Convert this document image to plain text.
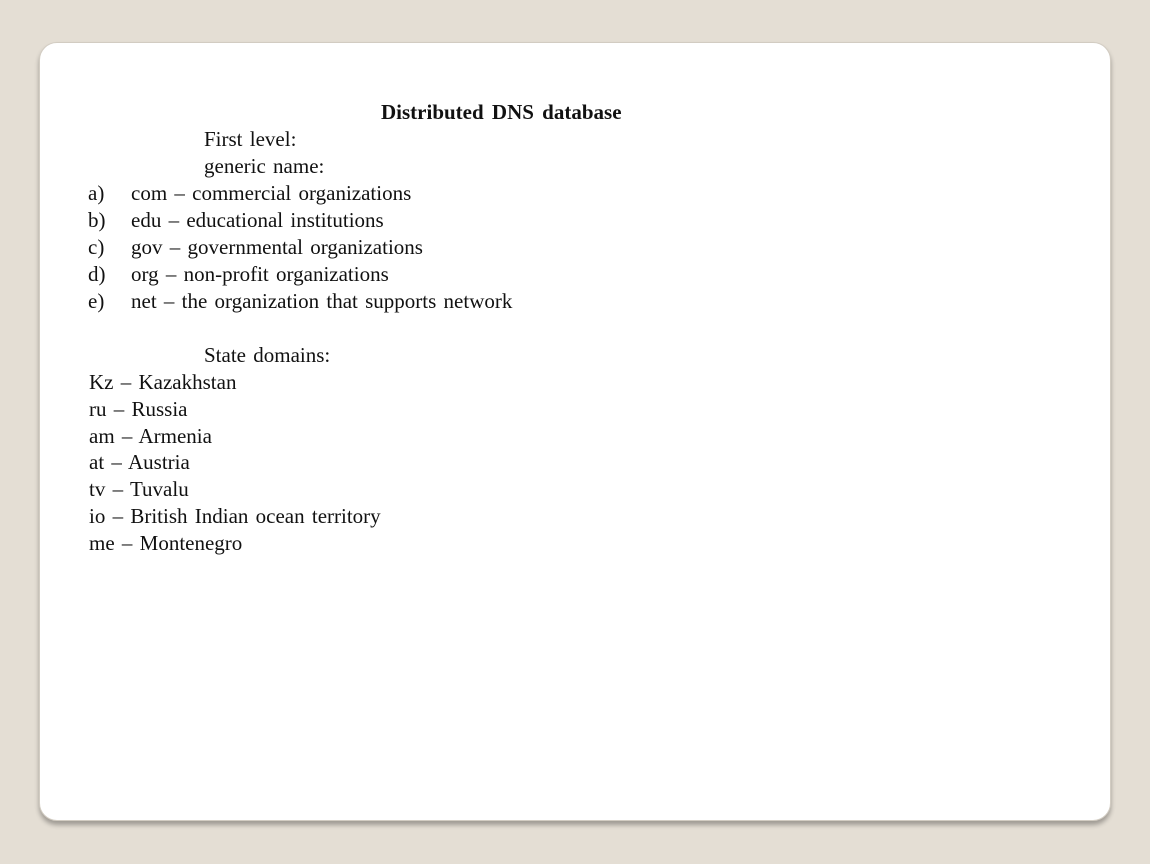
Distributed DNS database
First level:
generic name:
a) com – commercial organizations
b) edu – educational institutions
c) gov – governmental organizations
d) org – non-profit organizations
e) net – the organization that supports network
State domains:
Kz – Kazakhstan
ru – Russia
am – Armenia
at – Austria
tv – Tuvalu
io – British Indian ocean territory
me – Montenegro
